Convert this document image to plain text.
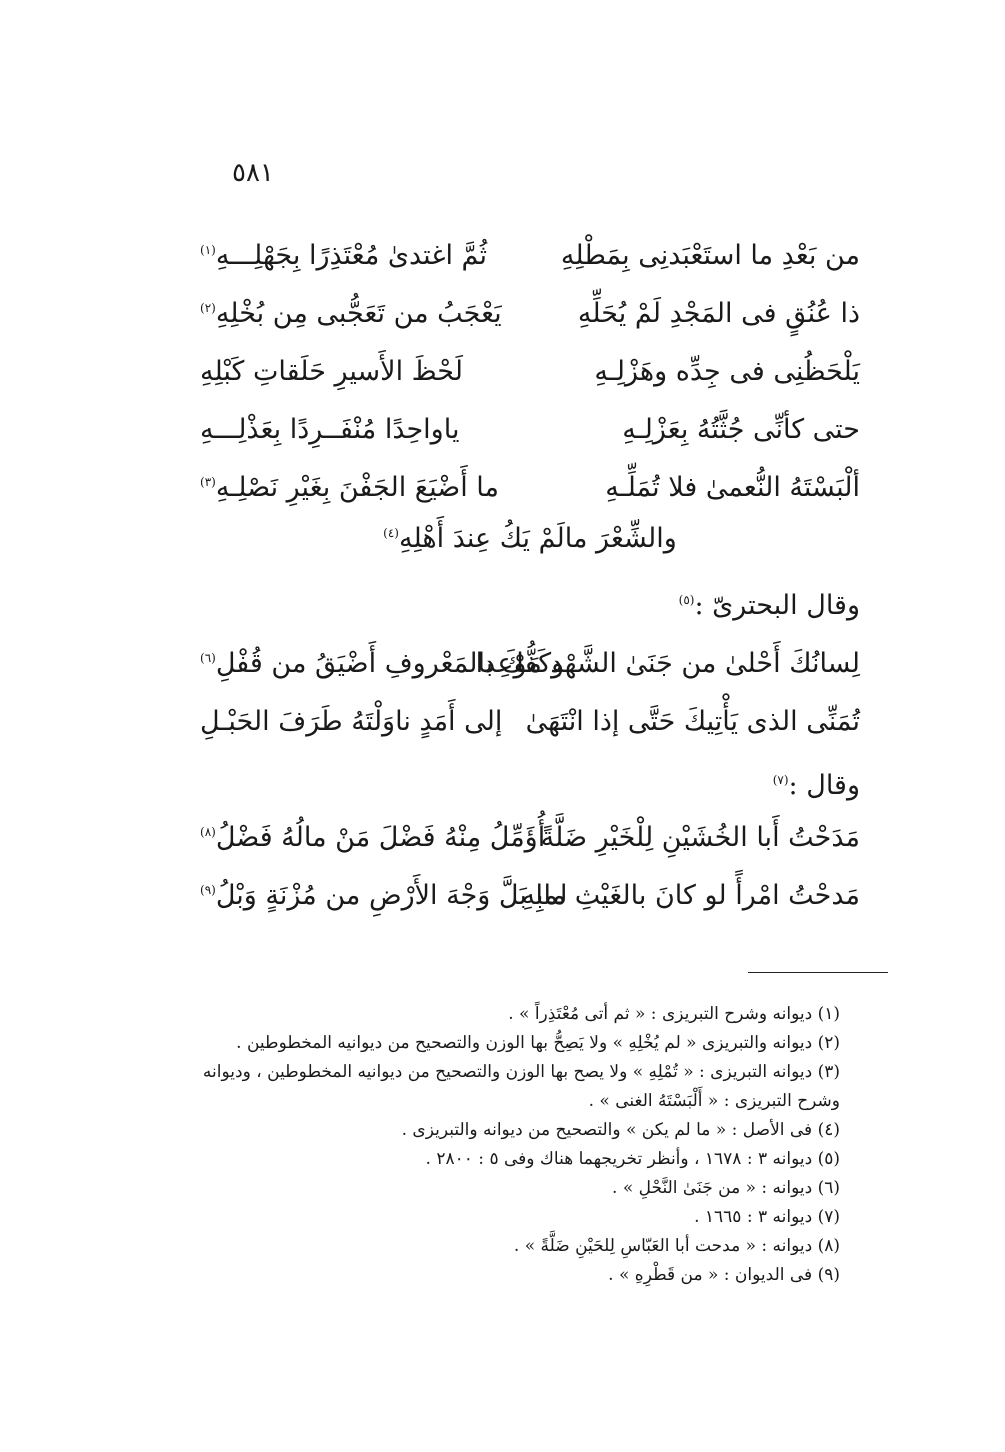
٥٨١
من بَعْدِ ما استَعْبَدنِى بِمَطْلِهِ
ثُمَّ اغتدىٰ مُعْتَذِرًا بِجَهْلِـــهِ$^{(١)}$
ذا عُنُقٍ فى المَجْدِ لَمْ يُحَلِّهِ
يَعْجَبُ من تَعَجُّبى مِن بُخْلِهِ$^{(٢)}$
يَلْحَظُنِى فى جِدِّه وهَزْلِـهِ
لَحْظَ الأَسيرِ حَلَقاتِ كَبْلِهِ
حتى كأنِّى جُثَّتُهُ بِعَزْلِـهِ
ياواحِدًا مُنْفَــرِدًا بِعَذْلِـــهِ
ألْبَسْتَهُ النُّعمىٰ فلا تُمَلِّـهِ
ما أَضْيَعَ الجَفْنَ بِغَيْرِ نَصْلِـهِ$^{(٣)}$
والشِّعْرَ مالَمْ يَكُ عِندَ أَهْلِهِ$^{(٤)}$
وقال البحترىّ :$^{(٥)}$
لِسانُكَ أَحْلىٰ من جَنَىٰ الشَّهْدِ مَوْعِدا
وكَفُّكَ بالمَعْروفِ أَضْيَقُ من قُفْلِ$^{(٦)}$
تُمَنِّى الذى يَأْتِيكَ حَتَّى إذا انْتَهَىٰ
إلى أَمَدٍ ناوَلْتَهُ طَرَفَ الحَبْـلِ
وقال :$^{(٧)}$
مَدَحْتُ أَبا الخُشَيْنِ لِلْخَيْرِ ضَلَّةً
أُؤَمِّلُ مِنْهُ فَضْلَ مَنْ مالُهُ فَضْلُ$^{(٨)}$
مَدحْتُ امْرأً لو كانَ بالغَيْثِ مابِهِ
لما بَلَّ وَجْهَ الأَرْضِ من مُزْنَةٍ وَبْلُ$^{(٩)}$
(١) ديوانه وشرح التبريزى : « ثم أتى مُعْتَذِراً » .
(٢) ديوانه والتبريزى « لم يُخْلِهِ » ولا يَصِحُّ بها الوزن والتصحيح من ديوانيه المخطوطين .
(٣) ديوانه التبريزى : « تُمْلِهِ » ولا يصح بها الوزن والتصحيح من ديوانيه المخطوطين ، وديوانه وشرح التبريزى : « أَلْبَسْتَهُ الغنى » .
(٤) فى الأصل : « ما لم يكن » والتصحيح من ديوانه والتبريزى .
(٥) ديوانه ٣ : ١٦٧٨ ، وأنظر تخريجهما هناك وفى ٥ : ٢٨٠٠ .
(٦) ديوانه : « من جَنَىٰ النَّحْلِ » .
(٧) ديوانه ٣ : ١٦٦٥ .
(٨) ديوانه : « مدحت أبا العَبّاسِ لِلحَيْنِ ضَلَّةً » .
(٩) فى الديوان : « من قَطْرِهِ » .
